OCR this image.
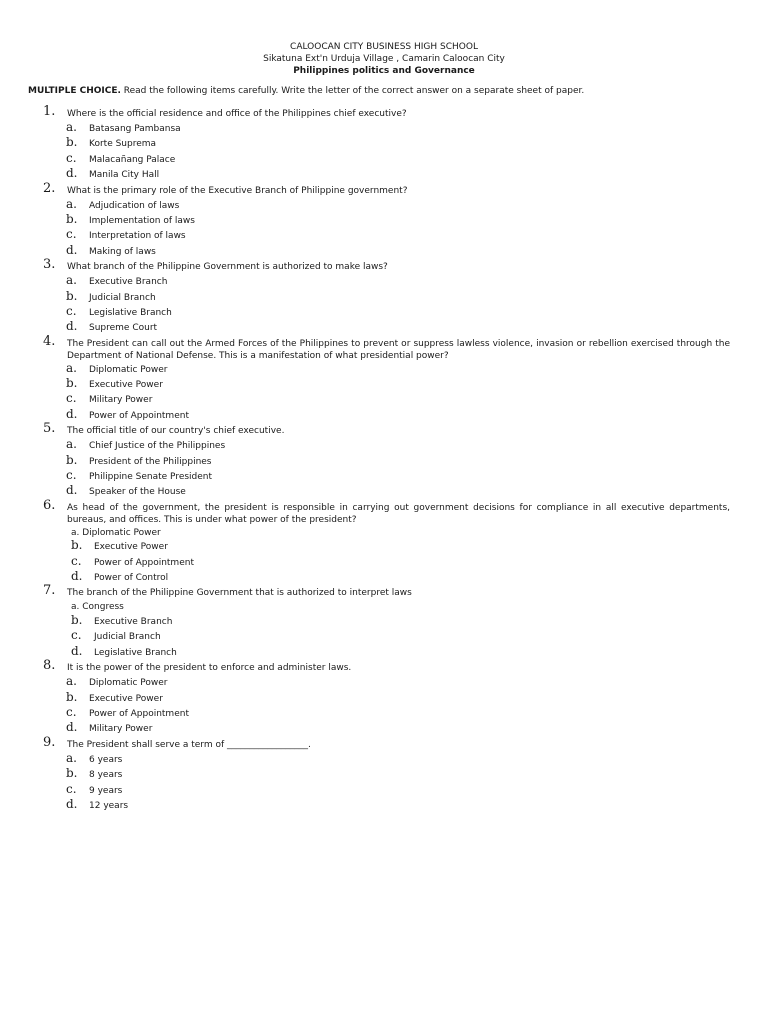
CALOOCAN CITY BUSINESS HIGH SCHOOL
Sikatuna Ext'n Urduja Village , Camarin Caloocan City
Philippines politics and Governance
MULTIPLE CHOICE. Read the following items carefully. Write the letter of the correct answer on a separate sheet of paper.
1. Where is the official residence and office of the Philippines chief executive?
a. Batasang Pambansa
b. Korte Suprema
c. Malacañang Palace
d. Manila City Hall
2. What is the primary role of the Executive Branch of Philippine government?
a. Adjudication of laws
b. Implementation of laws
c. Interpretation of laws
d. Making of laws
3. What branch of the Philippine Government is authorized to make laws?
a. Executive Branch
b. Judicial Branch
c. Legislative Branch
d. Supreme Court
4. The President can call out the Armed Forces of the Philippines to prevent or suppress lawless violence, invasion or rebellion exercised through the Department of National Defense. This is a manifestation of what presidential power?
a. Diplomatic Power
b. Executive Power
c. Military Power
d. Power of Appointment
5. The official title of our country's chief executive.
a. Chief Justice of the Philippines
b. President of the Philippines
c. Philippine Senate President
d. Speaker of the House
6. As head of the government, the president is responsible in carrying out government decisions for compliance in all executive departments, bureaus, and offices. This is under what power of the president?
a. Diplomatic Power
b. Executive Power
c. Power of Appointment
d. Power of Control
7. The branch of the Philippine Government that is authorized to interpret laws
a. Congress
b. Executive Branch
c. Judicial Branch
d. Legislative Branch
8. It is the power of the president to enforce and administer laws.
a. Diplomatic Power
b. Executive Power
c. Power of Appointment
d. Military Power
9. The President shall serve a term of __________________.
a. 6 years
b. 8 years
c. 9 years
d. 12 years
